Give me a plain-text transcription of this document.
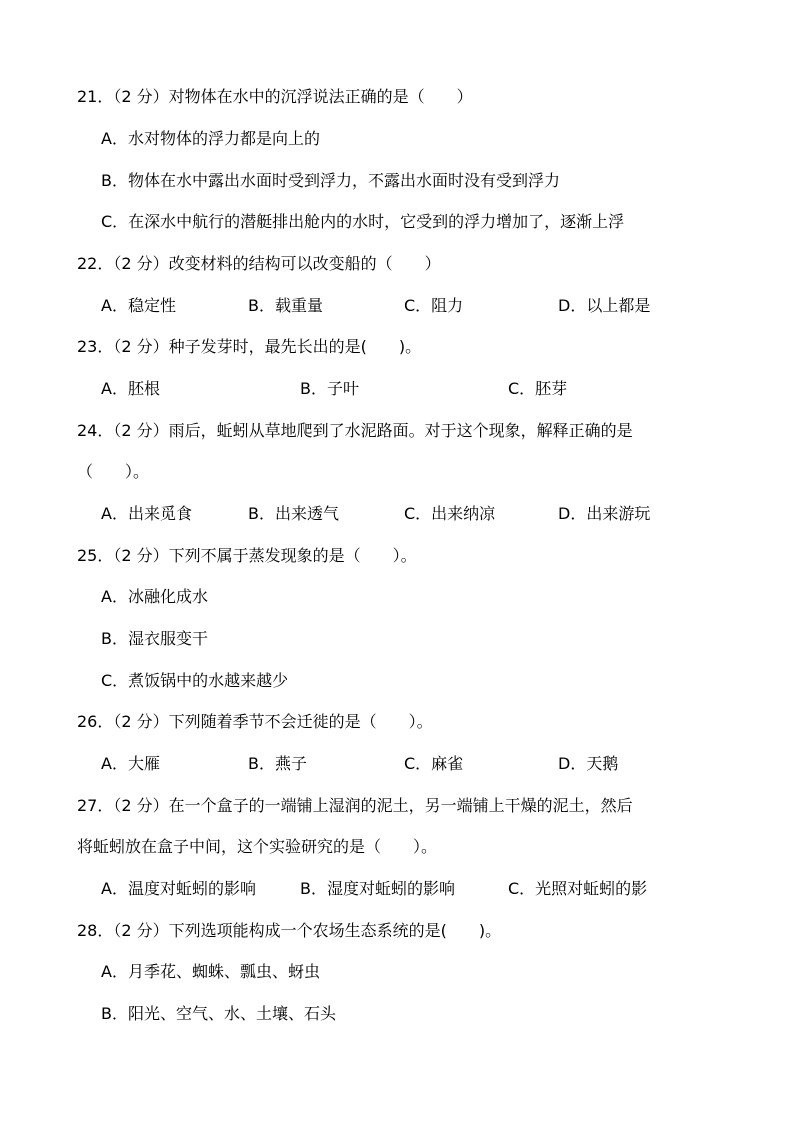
21．（2 分）对物体在水中的沉浮说法正确的是（　　）
A．水对物体的浮力都是向上的
B．物体在水中露出水面时受到浮力，不露出水面时没有受到浮力
C．在深水中航行的潜艇排出舱内的水时，它受到的浮力增加了，逐渐上浮
22．（2 分）改变材料的结构可以改变船的（　　）
A．稳定性	B．载重量	C．阻力	D．以上都是
23．（2 分）种子发芽时，最先长出的是(　　)。
A．胚根	B．子叶	C．胚芽
24．（2 分）雨后，蚯蚓从草地爬到了水泥路面。对于这个现象，解释正确的是
（　　）。
A．出来觅食	B．出来透气	C．出来纳凉	D．出来游玩
25．（2 分）下列不属于蒸发现象的是（　　）。
A．冰融化成水
B．湿衣服变干
C．煮饭锅中的水越来越少
26．（2 分）下列随着季节不会迁徙的是（　　）。
A．大雁	B．燕子	C．麻雀	D．天鹅
27．（2 分）在一个盒子的一端铺上湿润的泥土，另一端铺上干燥的泥土，然后
将蚯蚓放在盒子中间，这个实验研究的是（　　）。
A．温度对蚯蚓的影响	B．湿度对蚯蚓的影响	C．光照对蚯蚓的影
28．（2 分）下列选项能构成一个农场生态系统的是(　　)。
A．月季花、蜘蛛、瓢虫、蚜虫
B．阳光、空气、水、土壤、石头
